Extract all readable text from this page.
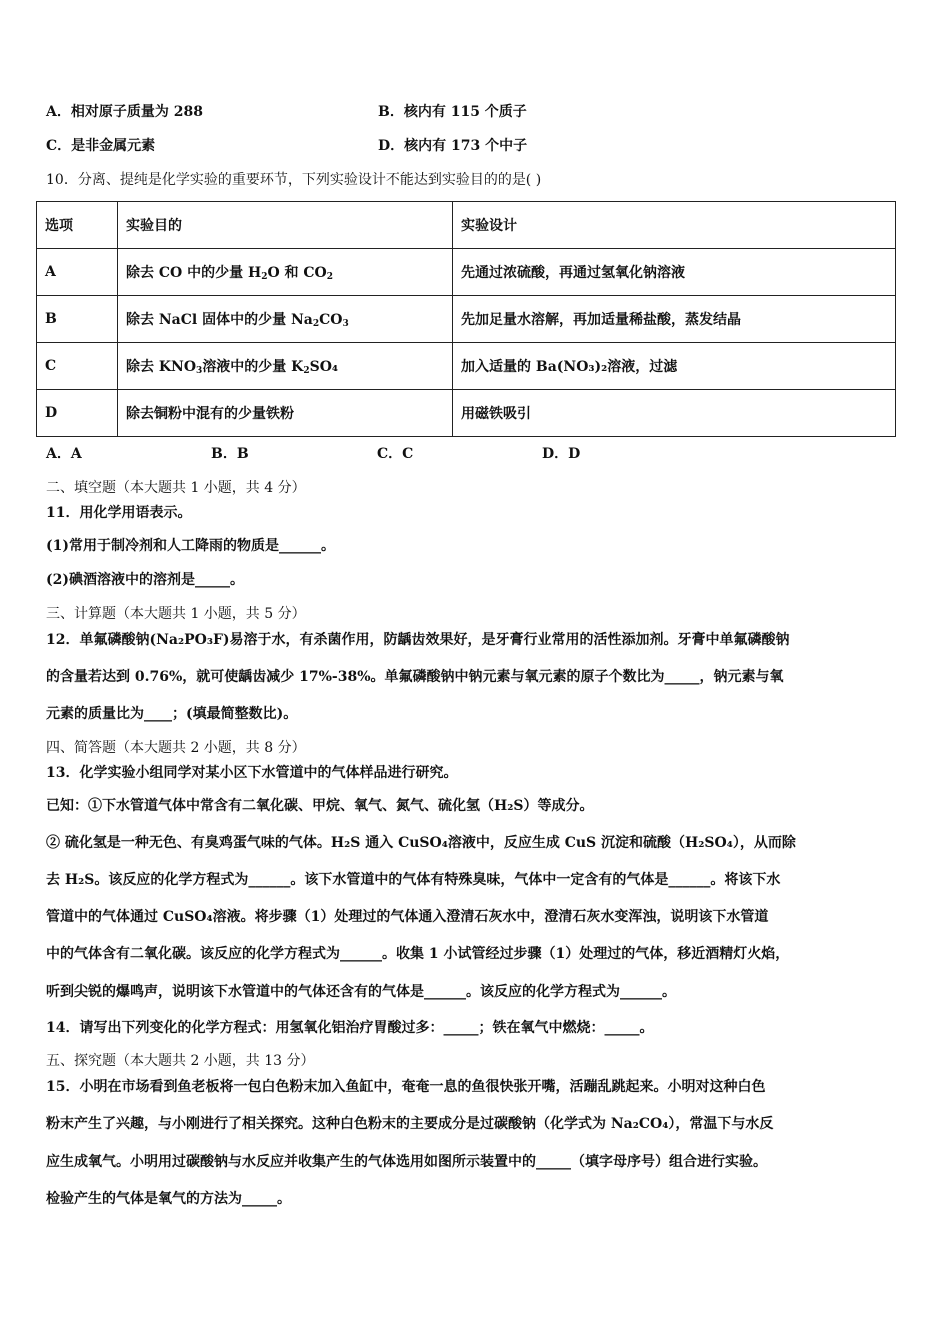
A．相对原子质量为 288	B．核内有 115 个质子
C．是非金属元素	D．核内有 173 个中子
10．分离、提纯是化学实验的重要环节，下列实验设计不能达到实验目的的是( )
选项	实验目的	实验设计
A	除去 CO 中的少量 $H_2O$ 和 $CO_2$	先通过浓硫酸，再通过氢氧化钠溶液
B	除去 NaCl 固体中的少量 $Na_2CO_3$	先加足量水溶解，再加适量稀盐酸，蒸发结晶
C	除去 $KNO_3$溶液中的少量 $K_2SO_4$	加入适量的 Ba(NO₃)₂溶液，过滤
D	除去铜粉中混有的少量铁粉	用磁铁吸引
A．A	B．B	C．C	D．D
二、填空题（本大题共 1 小题，共 4 分）
11．用化学用语表示。
(1)常用于制冷剂和人工降雨的物质是______。
(2)碘酒溶液中的溶剂是_____。
三、计算题（本大题共 1 小题，共 5 分）
12．单氟磷酸钠(Na₂PO₃F)易溶于水，有杀菌作用，防龋齿效果好，是牙膏行业常用的活性添加剂。牙膏中单氟磷酸钠
的含量若达到 0.76%，就可使龋齿减少 17%-38%。单氟磷酸钠中钠元素与氧元素的原子个数比为_____，钠元素与氧
元素的质量比为____；(填最简整数比)。
四、简答题（本大题共 2 小题，共 8 分）
13．化学实验小组同学对某小区下水管道中的气体样品进行研究。
已知：①下水管道气体中常含有二氧化碳、甲烷、氧气、氮气、硫化氢（H₂S）等成分。
② 硫化氢是一种无色、有臭鸡蛋气味的气体。H₂S 通入 CuSO₄溶液中，反应生成 CuS 沉淀和硫酸（H₂SO₄），从而除
去 H₂S。该反应的化学方程式为______。该下水管道中的气体有特殊臭味，气体中一定含有的气体是______。将该下水
管道中的气体通过 CuSO₄溶液。将步骤（1）处理过的气体通入澄清石灰水中，澄清石灰水变浑浊，说明该下水管道
中的气体含有二氧化碳。该反应的化学方程式为______。收集 1 小试管经过步骤（1）处理过的气体，移近酒精灯火焰，
听到尖锐的爆鸣声，说明该下水管道中的气体还含有的气体是______。该反应的化学方程式为______。
14．请写出下列变化的化学方程式：用氢氧化铝治疗胃酸过多：_____；铁在氧气中燃烧：_____。
五、探究题（本大题共 2 小题，共 13 分）
15．小明在市场看到鱼老板将一包白色粉末加入鱼缸中，奄奄一息的鱼很快张开嘴，活蹦乱跳起来。小明对这种白色
粉末产生了兴趣，与小刚进行了相关探究。这种白色粉末的主要成分是过碳酸钠（化学式为 Na₂CO₄），常温下与水反
应生成氧气。小明用过碳酸钠与水反应并收集产生的气体选用如图所示装置中的_____（填字母序号）组合进行实验。
检验产生的气体是氧气的方法为_____。
